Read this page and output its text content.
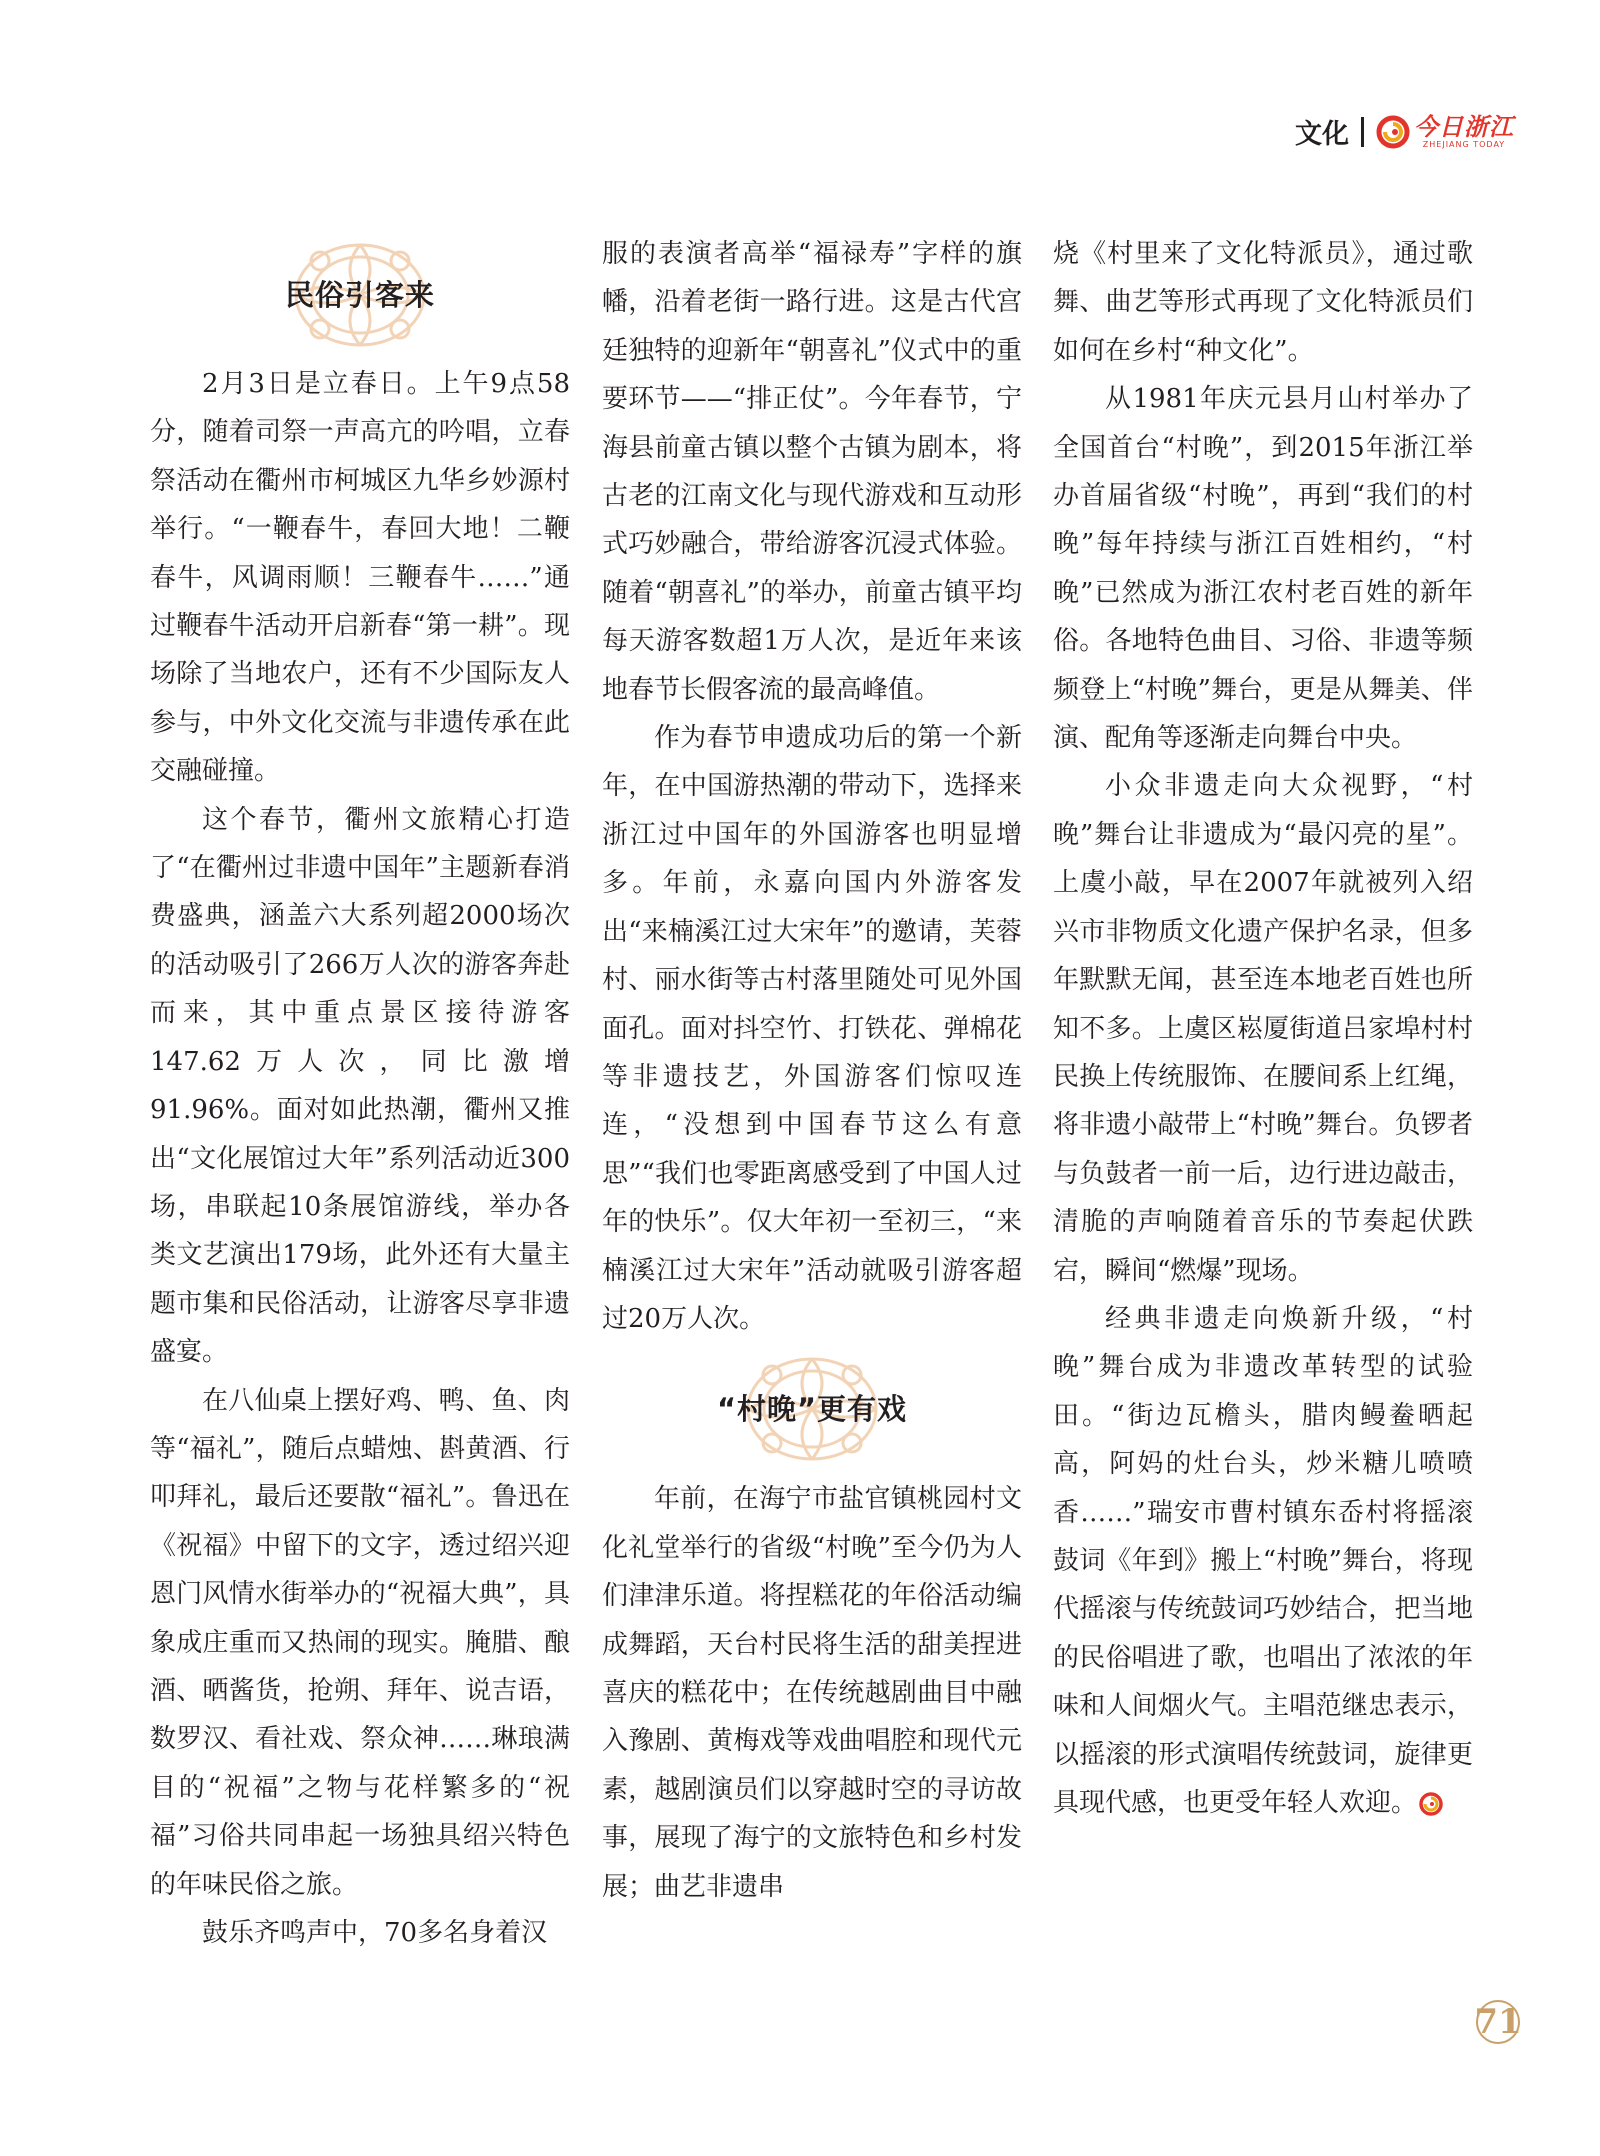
文化	今日浙江
ZHEJIANG TODAY
民俗引客来

2月3日是立春日。上午9点58分，随着司祭一声高亢的吟唱，立春祭活动在衢州市柯城区九华乡妙源村举行。“一鞭春牛，春回大地！二鞭春牛，风调雨顺！三鞭春牛……”通过鞭春牛活动开启新春“第一耕”。现场除了当地农户，还有不少国际友人参与，中外文化交流与非遗传承在此交融碰撞。

这个春节，衢州文旅精心打造了“在衢州过非遗中国年”主题新春消费盛典，涵盖六大系列超2000场次的活动吸引了266万人次的游客奔赴而来，其中重点景区接待游客147.62万人次，同比激增91.96%。面对如此热潮，衢州又推出“文化展馆过大年”系列活动近300场，串联起10条展馆游线，举办各类文艺演出179场，此外还有大量主题市集和民俗活动，让游客尽享非遗盛宴。

在八仙桌上摆好鸡、鸭、鱼、肉等“福礼”，随后点蜡烛、斟黄酒、行叩拜礼，最后还要散“福礼”。鲁迅在《祝福》中留下的文字，透过绍兴迎恩门风情水街举办的“祝福大典”，具象成庄重而又热闹的现实。腌腊、酿酒、晒酱货，抢朔、拜年、说吉语，数罗汉、看社戏、祭众神……琳琅满目的“祝福”之物与花样繁多的“祝福”习俗共同串起一场独具绍兴特色的年味民俗之旅。

鼓乐齐鸣声中，70多名身着汉

服的表演者高举“福禄寿”字样的旗幡，沿着老街一路行进。这是古代宫廷独特的迎新年“朝喜礼”仪式中的重要环节——“排正仗”。今年春节，宁海县前童古镇以整个古镇为剧本，将古老的江南文化与现代游戏和互动形式巧妙融合，带给游客沉浸式体验。随着“朝喜礼”的举办，前童古镇平均每天游客数超1万人次，是近年来该地春节长假客流的最高峰值。

作为春节申遗成功后的第一个新年，在中国游热潮的带动下，选择来浙江过中国年的外国游客也明显增多。年前，永嘉向国内外游客发出“来楠溪江过大宋年”的邀请，芙蓉村、丽水街等古村落里随处可见外国面孔。面对抖空竹、打铁花、弹棉花等非遗技艺，外国游客们惊叹连连，“没想到中国春节这么有意思”“我们也零距离感受到了中国人过年的快乐”。仅大年初一至初三，“来楠溪江过大宋年”活动就吸引游客超过20万人次。

“村晚”更有戏

年前，在海宁市盐官镇桃园村文化礼堂举行的省级“村晚”至今仍为人们津津乐道。将捏糕花的年俗活动编成舞蹈，天台村民将生活的甜美捏进喜庆的糕花中；在传统越剧曲目中融入豫剧、黄梅戏等戏曲唱腔和现代元素，越剧演员们以穿越时空的寻访故事，展现了海宁的文旅特色和乡村发展；曲艺非遗串

烧《村里来了文化特派员》，通过歌舞、曲艺等形式再现了文化特派员们如何在乡村“种文化”。

从1981年庆元县月山村举办了全国首台“村晚”，到2015年浙江举办首届省级“村晚”，再到“我们的村晚”每年持续与浙江百姓相约，“村晚”已然成为浙江农村老百姓的新年俗。各地特色曲目、习俗、非遗等频频登上“村晚”舞台，更是从舞美、伴演、配角等逐渐走向舞台中央。

小众非遗走向大众视野，“村晚”舞台让非遗成为“最闪亮的星”。上虞小敲，早在2007年就被列入绍兴市非物质文化遗产保护名录，但多年默默无闻，甚至连本地老百姓也所知不多。上虞区崧厦街道吕家埠村村民换上传统服饰、在腰间系上红绳，将非遗小敲带上“村晚”舞台。负锣者与负鼓者一前一后，边行进边敲击，清脆的声响随着音乐的节奏起伏跌宕，瞬间“燃爆”现场。

经典非遗走向焕新升级，“村晚”舞台成为非遗改革转型的试验田。“街边瓦檐头，腊肉鳗鲞晒起高，阿妈的灶台头，炒米糖儿喷喷香……”瑞安市曹村镇东岙村将摇滚鼓词《年到》搬上“村晚”舞台，将现代摇滚与传统鼓词巧妙结合，把当地的民俗唱进了歌，也唱出了浓浓的年味和人间烟火气。主唱范继忠表示，以摇滚的形式演唱传统鼓词，旋律更具现代感，也更受年轻人欢迎。

71
